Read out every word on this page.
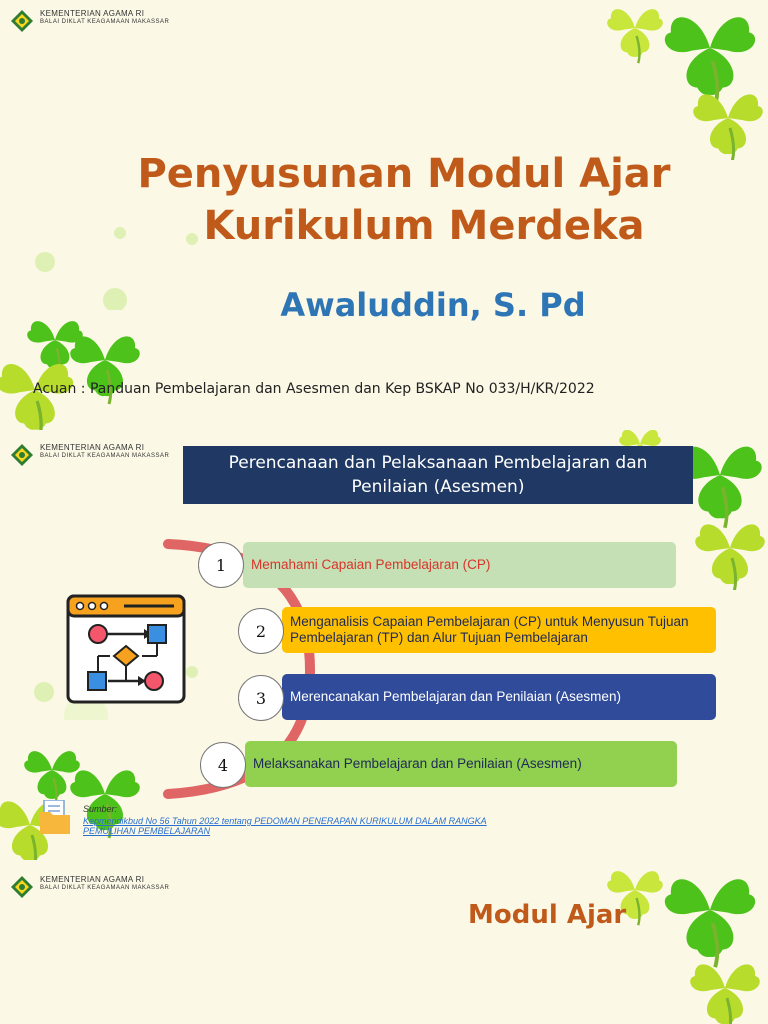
KEMENTERIAN AGAMA RI
BALAI DIKLAT KEAGAMAAN MAKASSAR
Penyusunan Modul Ajar
Kurikulum Merdeka
Awaluddin, S. Pd
Acuan : Panduan Pembelajaran dan Asesmen dan Kep BSKAP No 033/H/KR/2022
KEMENTERIAN AGAMA RI
BALAI DIKLAT KEAGAMAAN MAKASSAR	Perencanaan dan Pelaksanaan Pembelajaran dan Penilaian (Asesmen)
Memahami Capaian Pembelajaran (CP)
Menganalisis Capaian Pembelajaran (CP) untuk Menyusun Tujuan Pembelajaran (TP) dan Alur Tujuan Pembelajaran
Merencanakan Pembelajaran dan Penilaian (Asesmen)
Melaksanakan Pembelajaran dan Penilaian (Asesmen)
1
2
3
4
Sumber:
Kepmendikbud No 56 Tahun 2022 tentang PEDOMAN PENERAPAN KURIKULUM DALAM RANGKA PEMULIHAN PEMBELAJARAN
KEMENTERIAN AGAMA RI
BALAI DIKLAT KEAGAMAAN MAKASSAR
Modul Ajar
